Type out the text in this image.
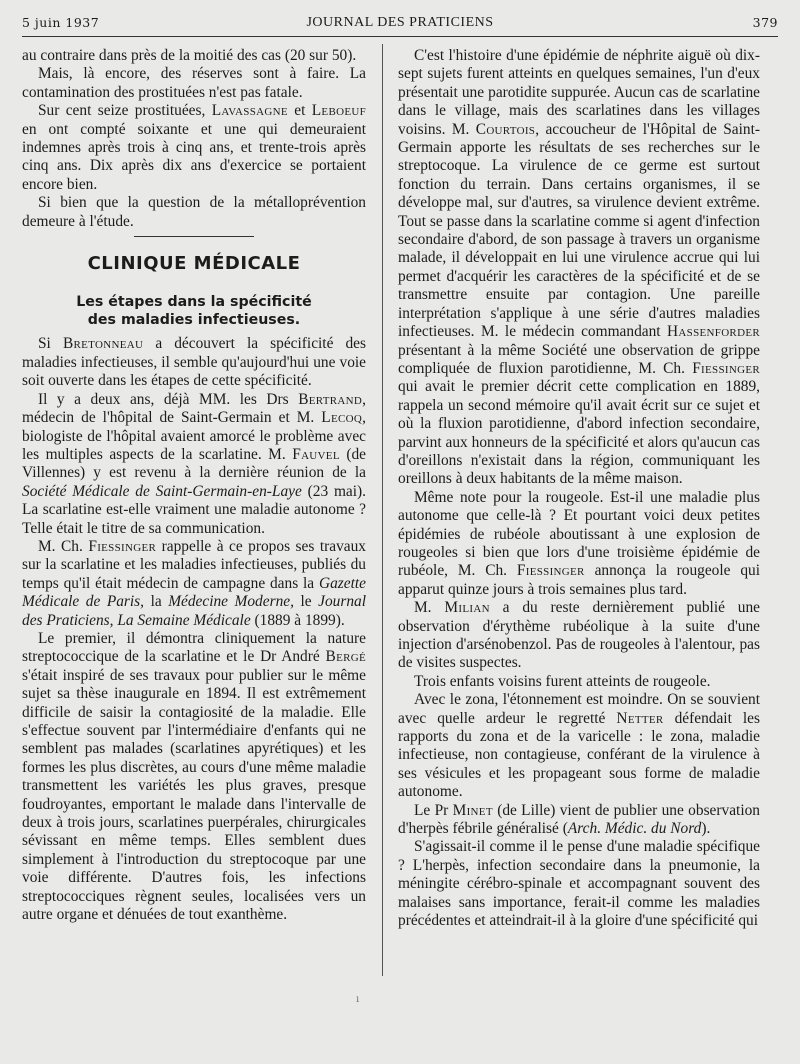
5 juin 1937	JOURNAL DES PRATICIENS	379

au contraire dans près de la moitié des cas (20 sur 50).

Mais, là encore, des réserves sont à faire. La contamination des prostituées n'est pas fatale.

Sur cent seize prostituées, Lavassagne et Leboeuf en ont compté soixante et une qui demeuraient indemnes après trois à cinq ans, et trente-trois après cinq ans. Dix après dix ans d'exercice se portaient encore bien.

Si bien que la question de la métalloprévention demeure à l'étude.

CLINIQUE MÉDICALE
Les étapes dans la spécificité
des maladies infectieuses.

Si Bretonneau a découvert la spécificité des maladies infectieuses, il semble qu'aujourd'hui une voie soit ouverte dans les étapes de cette spécificité.

Il y a deux ans, déjà MM. les Drs Bertrand, médecin de l'hôpital de Saint-Germain et M. Lecoq, biologiste de l'hôpital avaient amorcé le problème avec les multiples aspects de la scarlatine. M. Fauvel (de Villennes) y est revenu à la dernière réunion de la Société Médicale de Saint-Germain-en-Laye (23 mai). La scarlatine est-elle vraiment une maladie autonome ? Telle était le titre de sa communication.

M. Ch. Fiessinger rappelle à ce propos ses travaux sur la scarlatine et les maladies infectieuses, publiés du temps qu'il était médecin de campagne dans la Gazette Médicale de Paris, la Médecine Moderne, le Journal des Praticiens, La Semaine Médicale (1889 à 1899).

Le premier, il démontra cliniquement la nature streptococcique de la scarlatine et le Dr André Bergé s'était inspiré de ses travaux pour publier sur le même sujet sa thèse inaugurale en 1894. Il est extrêmement difficile de saisir la contagiosité de la maladie. Elle s'effectue souvent par l'intermédiaire d'enfants qui ne semblent pas malades (scarlatines apyrétiques) et les formes les plus discrètes, au cours d'une même maladie transmettent les variétés les plus graves, presque foudroyantes, emportant le malade dans l'intervalle de deux à trois jours, scarlatines puerpérales, chirurgicales sévissant en même temps. Elles semblent dues simplement à l'introduction du streptocoque par une voie différente. D'autres fois, les infections streptococciques règnent seules, localisées vers un autre organe et dénuées de tout exanthème.

C'est l'histoire d'une épidémie de néphrite aiguë où dix-sept sujets furent atteints en quelques semaines, l'un d'eux présentait une parotidite suppurée. Aucun cas de scarlatine dans le village, mais des scarlatines dans les villages voisins. M. Courtois, accoucheur de l'Hôpital de Saint-Germain apporte les résultats de ses recherches sur le streptocoque. La virulence de ce germe est surtout fonction du terrain. Dans certains organismes, il se développe mal, sur d'autres, sa virulence devient extrême. Tout se passe dans la scarlatine comme si agent d'infection secondaire d'abord, de son passage à travers un organisme malade, il développait en lui une virulence accrue qui lui permet d'acquérir les caractères de la spécificité et de se transmettre ensuite par contagion. Une pareille interprétation s'applique à une série d'autres maladies infectieuses. M. le médecin commandant Hassenforder présentant à la même Société une observation de grippe compliquée de fluxion parotidienne, M. Ch. Fiessinger qui avait le premier décrit cette complication en 1889, rappela un second mémoire qu'il avait écrit sur ce sujet et où la fluxion parotidienne, d'abord infection secondaire, parvint aux honneurs de la spécificité et alors qu'aucun cas d'oreillons n'existait dans la région, communiquant les oreillons à deux habitants de la même maison.

Même note pour la rougeole. Est-il une maladie plus autonome que celle-là ? Et pourtant voici deux petites épidémies de rubéole aboutissant à une explosion de rougeoles si bien que lors d'une troisième épidémie de rubéole, M. Ch. Fiessinger annonça la rougeole qui apparut quinze jours à trois semaines plus tard.

M. Milian a du reste dernièrement publié une observation d'érythème rubéolique à la suite d'une injection d'arsénobenzol. Pas de rougeoles à l'alentour, pas de visites suspectes.

Trois enfants voisins furent atteints de rougeole.

Avec le zona, l'étonnement est moindre. On se souvient avec quelle ardeur le regretté Netter défendait les rapports du zona et de la varicelle : le zona, maladie infectieuse, non contagieuse, conférant de la virulence à ses vésicules et les propageant sous forme de maladie autonome.

Le Pr Minet (de Lille) vient de publier une observation d'herpès fébrile généralisé (Arch. Médic. du Nord).

S'agissait-il comme il le pense d'une maladie spécifique ? L'herpès, infection secondaire dans la pneumonie, la méningite cérébro-spinale et accompagnant souvent des malaises sans importance, ferait-il comme les maladies précédentes et atteindrait-il à la gloire d'une spécificité qui

ı
